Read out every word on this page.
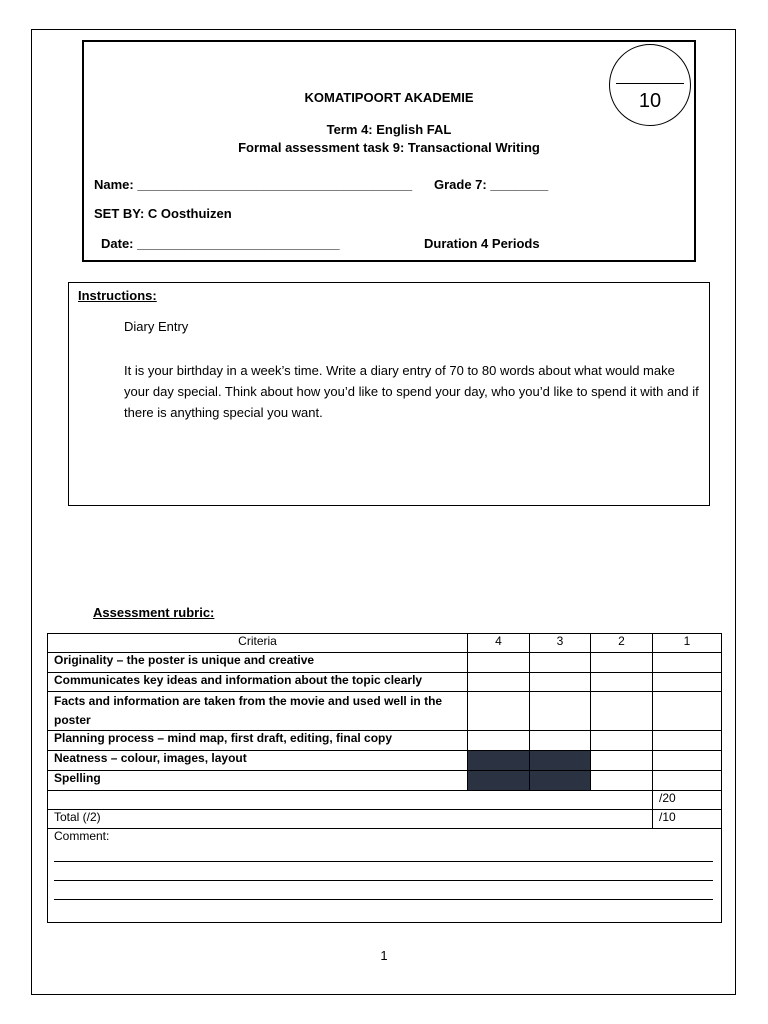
KOMATIPOORT AKADEMIE
Term 4: English FAL
Formal assessment task 9: Transactional Writing
Name: ______________________________________ Grade 7: ________
SET BY: C Oosthuizen
Date: ____________________________	Duration 4 Periods
10
Instructions:
Diary Entry
It is your birthday in a week’s time. Write a diary entry of 70 to 80 words about what would make your day special. Think about how you’d like to spend your day, who you’d like to spend it with and if there is anything special you want.
Assessment rubric:
Criteria	4	3	2	1
Originality – the poster is unique and creative				
Communicates key ideas and information about the topic clearly				
Facts and information are taken from the movie and used well in the poster				
Planning process – mind map, first draft, editing, final copy				
Neatness – colour, images, layout				
Spelling				
				/20
Total (/2)				/10

Comment:				
1
